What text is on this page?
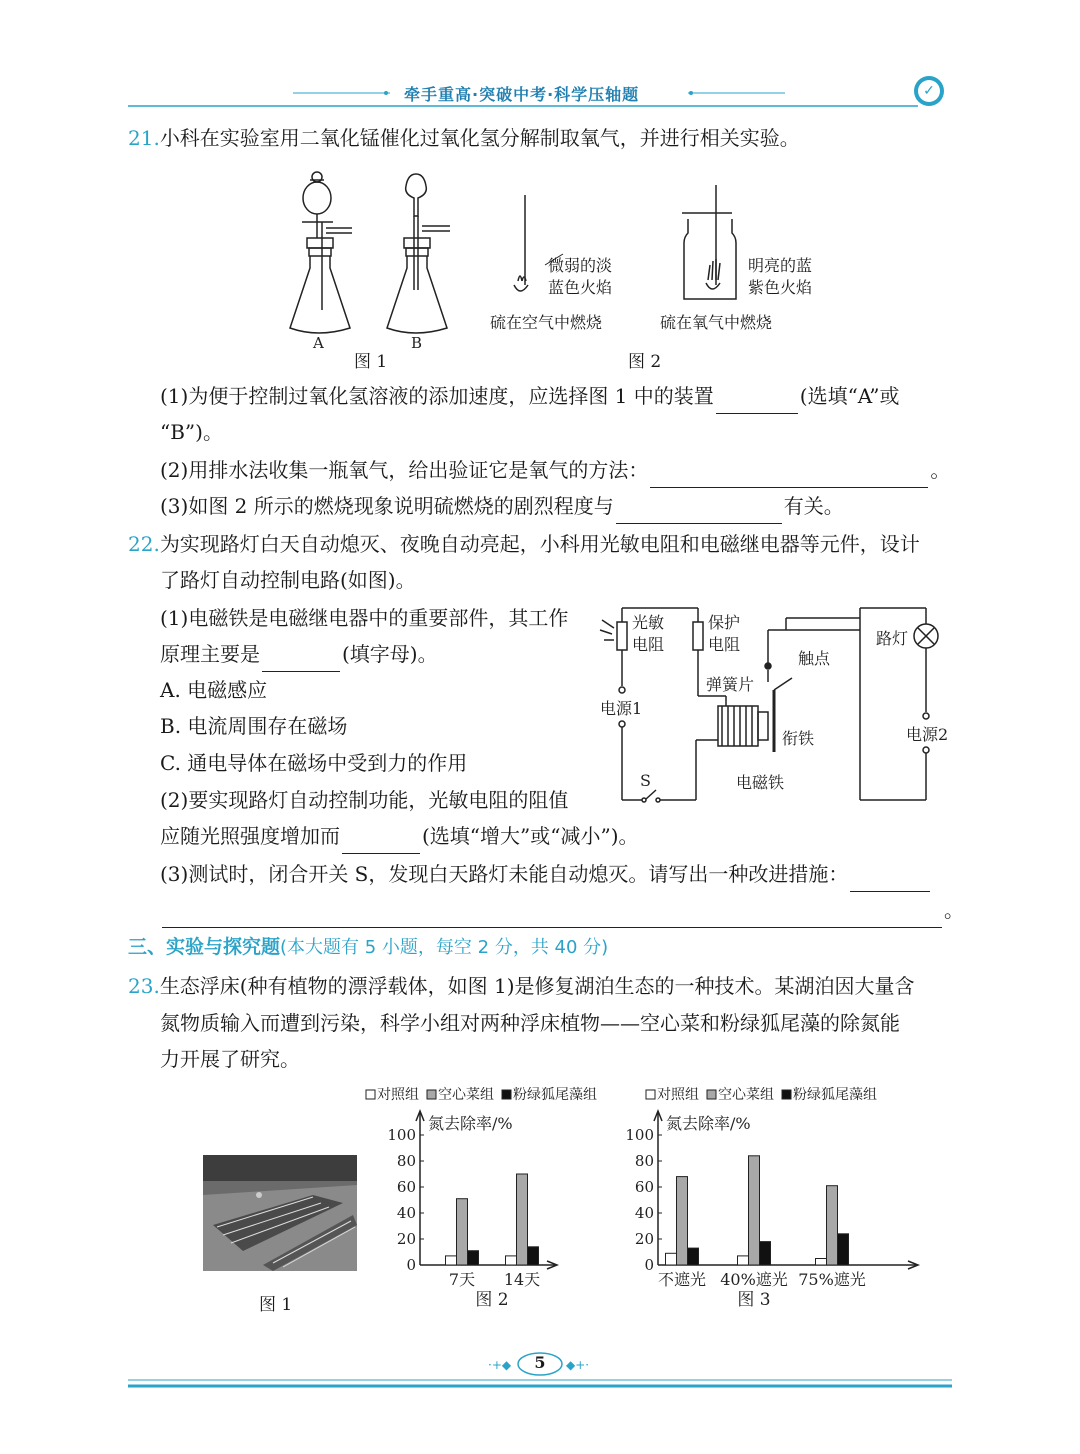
牵手重高·突破中考·科学压轴题	✓
21.小科在实验室用二氧化锰催化过氧化氢分解制取氧气，并进行相关实验。
A	B
图 1
微弱的淡
蓝色火焰
硫在空气中燃烧
明亮的蓝
紫色火焰
硫在氧气中燃烧
图 2
(1)为便于控制过氧化氢溶液的添加速度，应选择图 1 中的装置	(选填“A”或
“B”)。
(2)用排水法收集一瓶氧气，给出验证它是氧气的方法：	。
(3)如图 2 所示的燃烧现象说明硫燃烧的剧烈程度与	有关。
22.为实现路灯白天自动熄灭、夜晚自动亮起，小科用光敏电阻和电磁继电器等元件，设计
了路灯自动控制电路(如图)。
(1)电磁铁是电磁继电器中的重要部件，其工作
原理主要是	(填字母)。
A. 电磁感应
B. 电流周围存在磁场
C. 通电导体在磁场中受到力的作用
(2)要实现路灯自动控制功能，光敏电阻的阻值
应随光照强度增加而	(选填“增大”或“减小”)。
(3)测试时，闭合开关 S，发现白天路灯未能自动熄灭。请写出一种改进措施：
。
光敏
电阻
保护
电阻
触点
路灯
弹簧片
电源1
衔铁	电源2
S	电磁铁
三、实验与探究题(本大题有 5 小题，每空 2 分，共 40 分)
23.生态浮床(种有植物的漂浮载体，如图 1)是修复湖泊生态的一种技术。某湖泊因大量含
氮物质输入而遭到污染，科学小组对两种浮床植物——空心菜和粉绿狐尾藻的除氮能
力开展了研究。
图 1
对照组 空心菜组 粉绿狐尾藻组
氮去除率/%
0
20
40
60
80
100
7天 14天
图 2
对照组 空心菜组 粉绿狐尾藻组
氮去除率/%
0
20
40
60
80
100
不遮光 40%遮光 75%遮光
图 3
·+◆	◆+·
5
